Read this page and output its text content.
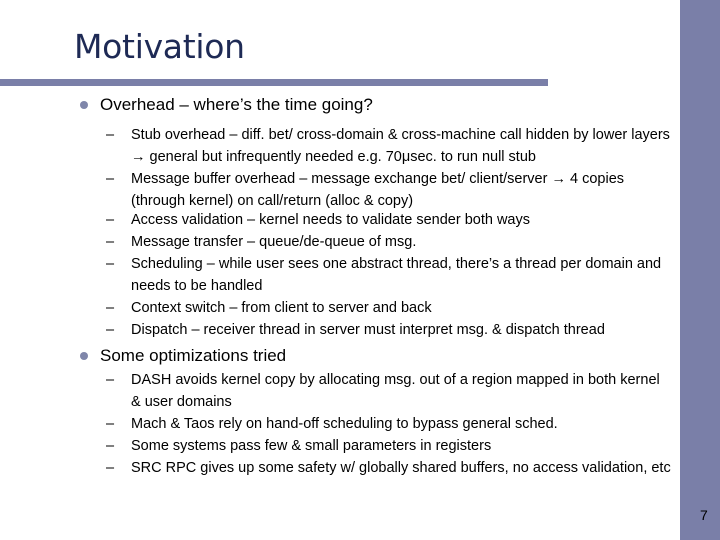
Motivation
Overhead – where’s the time going?
–	Stub overhead – diff. bet/ cross-domain & cross-machine call hidden by lower layers → general but infrequently needed e.g. 70μsec. to run null stub
–	Message buffer overhead – message exchange bet/ client/server → 4 copies (through kernel) on call/return (alloc & copy)
–	Access validation – kernel needs to validate sender both ways
–	Message transfer – queue/de-queue of msg.
–	Scheduling – while user sees one abstract thread, there’s a thread per domain and needs to be handled
–	Context switch – from client to server and back
–	Dispatch – receiver thread in server must interpret msg. & dispatch thread
Some optimizations tried
–	DASH avoids kernel copy by allocating msg. out of a region mapped in both kernel & user domains
–	Mach & Taos rely on hand-off scheduling to bypass general sched.
–	Some systems pass few & small parameters in registers
–	SRC RPC gives up some safety w/ globally shared buffers, no access validation, etc
7
